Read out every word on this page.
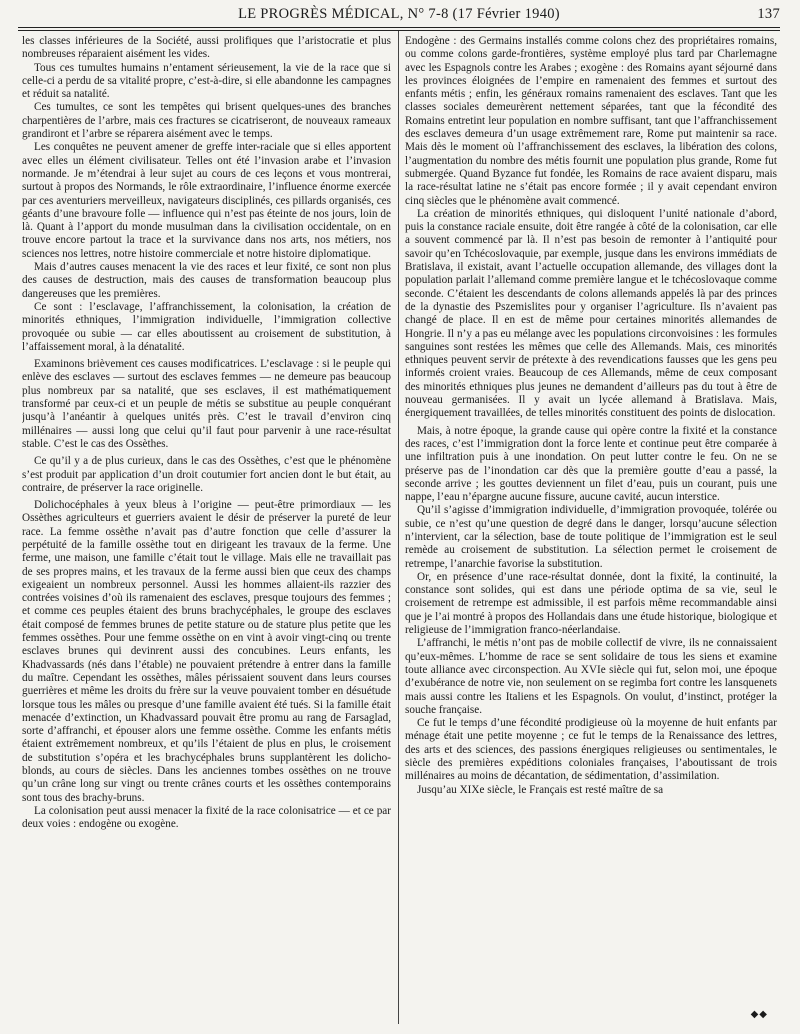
LE PROGRÈS MÉDICAL, N° 7-8 (17 Février 1940)	137

les classes inférieures de la Société, aussi prolifiques que l’aristocratie et plus nombreuses réparaient aisément les vides.

Tous ces tumultes humains n’entament sérieusement, la vie de la race que si celle-ci a perdu de sa vitalité propre, c’est-à-dire, si elle abandonne les campagnes et réduit sa natalité.

Ces tumultes, ce sont les tempêtes qui brisent quelques-unes des branches charpentières de l’arbre, mais ces fractures se cicatriseront, de nouveaux rameaux grandiront et l’arbre se réparera aisément avec le temps.

Les conquêtes ne peuvent amener de greffe inter-raciale que si elles apportent avec elles un élément civilisateur. Telles ont été l’invasion arabe et l’invasion normande. Je m’étendrai à leur sujet au cours de ces leçons et vous montrerai, surtout à propos des Normands, le rôle extraordinaire, l’influence énorme exercée par ces aventuriers merveilleux, navigateurs disciplinés, ces pillards organisés, ces géants d’une bravoure folle — influence qui n’est pas éteinte de nos jours, loin de là. Quant à l’apport du monde musulman dans la civilisation occidentale, on en trouve encore partout la trace et la survivance dans nos arts, nos métiers, nos sciences nos lettres, notre histoire commerciale et notre histoire diplomatique.

Mais d’autres causes menacent la vie des races et leur fixité, ce sont non plus des causes de destruction, mais des causes de transformation beaucoup plus dangereuses que les premières.

Ce sont : l’esclavage, l’affranchissement, la colonisation, la création de minorités ethniques, l’immigration individuelle, l’immigration collective provoquée ou subie — car elles aboutissent au croisement de substitution, à l’affaissement moral, à la dénatalité.

Examinons brièvement ces causes modificatrices. L’esclavage : si le peuple qui enlève des esclaves — surtout des esclaves femmes — ne demeure pas beaucoup plus nombreux par sa natalité, que ses esclaves, il est mathématiquement transformé par ceux-ci et un peuple de métis se substitue au peuple conquérant jusqu’à l’anéantir à quelques unités près. C’est le travail d’environ cinq millénaires — aussi long que celui qu’il faut pour parvenir à une race-résultat stable. C’est le cas des Ossèthes.

Ce qu’il y a de plus curieux, dans le cas des Ossèthes, c’est que le phénomène s’est produit par application d’un droit coutumier fort ancien dont le but était, au contraire, de préserver la race originelle.

Dolichocéphales à yeux bleus à l’origine — peut-être primordiaux — les Ossèthes agriculteurs et guerriers avaient le désir de préserver la pureté de leur race. La femme ossèthe n’avait pas d’autre fonction que celle d’assurer la perpétuité de la famille ossèthe tout en dirigeant les travaux de la ferme. Une ferme, une maison, une famille c’était tout le village. Mais elle ne travaillait pas de ses propres mains, et les travaux de la ferme aussi bien que ceux des champs exigeaient un nombreux personnel. Aussi les hommes allaient-ils razzier des contrées voisines d’où ils ramenaient des esclaves, presque toujours des femmes ; et comme ces peuples étaient des bruns brachycéphales, le groupe des esclaves était composé de femmes brunes de petite stature ou de stature plus petite que les femmes ossèthes. Pour une femme ossèthe on en vint à avoir vingt-cinq ou trente esclaves brunes qui devinrent aussi des concubines. Leurs enfants, les Khadvassards (nés dans l’étable) ne pouvaient prétendre à entrer dans la famille du maître. Cependant les ossèthes, mâles périssaient souvent dans leurs courses guerrières et même les droits du frère sur la veuve pouvaient tomber en désuétude lorsque tous les mâles ou presque d’une famille avaient été tués. Si la famille était menacée d’extinction, un Khadvassard pouvait être promu au rang de Farsaglad, sorte d’affranchi, et épouser alors une femme ossèthe. Comme les enfants métis étaient extrêmement nombreux, et qu’ils l’étaient de plus en plus, le croisement de substitution s’opéra et les brachycéphales bruns supplantèrent les dolicho-blonds, au cours de siècles. Dans les anciennes tombes ossèthes on ne trouve qu’un crâne long sur vingt ou trente crânes courts et les ossèthes contemporains sont tous des brachy-bruns.

La colonisation peut aussi menacer la fixité de la race colonisatrice — et ce par deux voies : endogène ou exogène.

Endogène : des Germains installés comme colons chez des propriétaires romains, ou comme colons garde-frontières, système employé plus tard par Charlemagne avec les Espagnols contre les Arabes ; exogène : des Romains ayant séjourné dans les provinces éloignées de l’empire en ramenaient des femmes et surtout des enfants métis ; enfin, les généraux romains ramenaient des esclaves. Tant que les classes sociales demeurèrent nettement séparées, tant que la fécondité des Romains entretint leur population en nombre suffisant, tant que l’affranchissement des esclaves demeura d’un usage extrêmement rare, Rome put maintenir sa race. Mais dès le moment où l’affranchissement des esclaves, la libération des colons, l’augmentation du nombre des métis fournit une population plus grande, Rome fut submergée. Quand Byzance fut fondée, les Romains de race avaient disparu, mais la race-résultat latine ne s’était pas encore formée ; il y avait cependant environ cinq siècles que le phénomène avait commencé.

La création de minorités ethniques, qui disloquent l’unité nationale d’abord, puis la constance raciale ensuite, doit être rangée à côté de la colonisation, car elle a souvent commencé par là. Il n’est pas besoin de remonter à l’antiquité pour savoir qu’en Tchécoslovaquie, par exemple, jusque dans les environs immédiats de Bratislava, il existait, avant l’actuelle occupation allemande, des villages dont la population parlait l’allemand comme première langue et le tchécoslovaque comme seconde. C’étaient les descendants de colons allemands appelés là par des princes de la dynastie des Pszemislites pour y organiser l’agriculture. Ils n’avaient pas changé de place. Il en est de même pour certaines minorités allemandes de Hongrie. Il n’y a pas eu mélange avec les populations circonvoisines : les formules sanguines sont restées les mêmes que celle des Allemands. Mais, ces minorités ethniques peuvent servir de prétexte à des revendications fausses que les gens peu informés croient vraies. Beaucoup de ces Allemands, même de ceux composant des minorités ethniques plus jeunes ne demandent d’ailleurs pas du tout à être de nouveau germanisées. Il y avait un lycée allemand à Bratislava. Mais, énergiquement travaillées, de telles minorités constituent des points de dislocation.

Mais, à notre époque, la grande cause qui opère contre la fixité et la constance des races, c’est l’immigration dont la force lente et continue peut être comparée à une infiltration puis à une inondation. On peut lutter contre le feu. On ne se préserve pas de l’inondation car dès que la première goutte d’eau a passé, la seconde arrive ; les gouttes deviennent un filet d’eau, puis un courant, puis une nappe, l’eau n’épargne aucune fissure, aucune cavité, aucun interstice.

Qu’il s’agisse d’immigration individuelle, d’immigration provoquée, tolérée ou subie, ce n’est qu’une question de degré dans le danger, lorsqu’aucune sélection n’intervient, car la sélection, base de toute politique de l’immigration est le seul remède au croisement de substitution. La sélection permet le croisement de retrempe, l’anarchie favorise la substitution.

Or, en présence d’une race-résultat donnée, dont la fixité, la continuité, la constance sont solides, qui est dans une période optima de sa vie, seul le croisement de retrempe est admissible, il est parfois même recommandable ainsi que je l’ai montré à propos des Hollandais dans une étude historique, biologique et religieuse de l’immigration franco-néerlandaise.

L’affranchi, le métis n’ont pas de mobile collectif de vivre, ils ne connaissaient qu’eux-mêmes. L’homme de race se sent solidaire de tous les siens et examine toute alliance avec circonspection. Au XVIe siècle qui fut, selon moi, une époque d’exubérance de notre vie, non seulement on se regimba fort contre les lansquenets mais aussi contre les Italiens et les Espagnols. On voulut, d’instinct, protéger la souche française.

Ce fut le temps d’une fécondité prodigieuse où la moyenne de huit enfants par ménage était une petite moyenne ; ce fut le temps de la Renaissance des lettres, des arts et des sciences, des passions énergiques religieuses ou sentimentales, le siècle des premières expéditions coloniales françaises, l’aboutissant de trois millénaires au moins de décantation, de sédimentation, d’assimilation.

Jusqu’au XIXe siècle, le Français est resté maître de sa

◆◆
